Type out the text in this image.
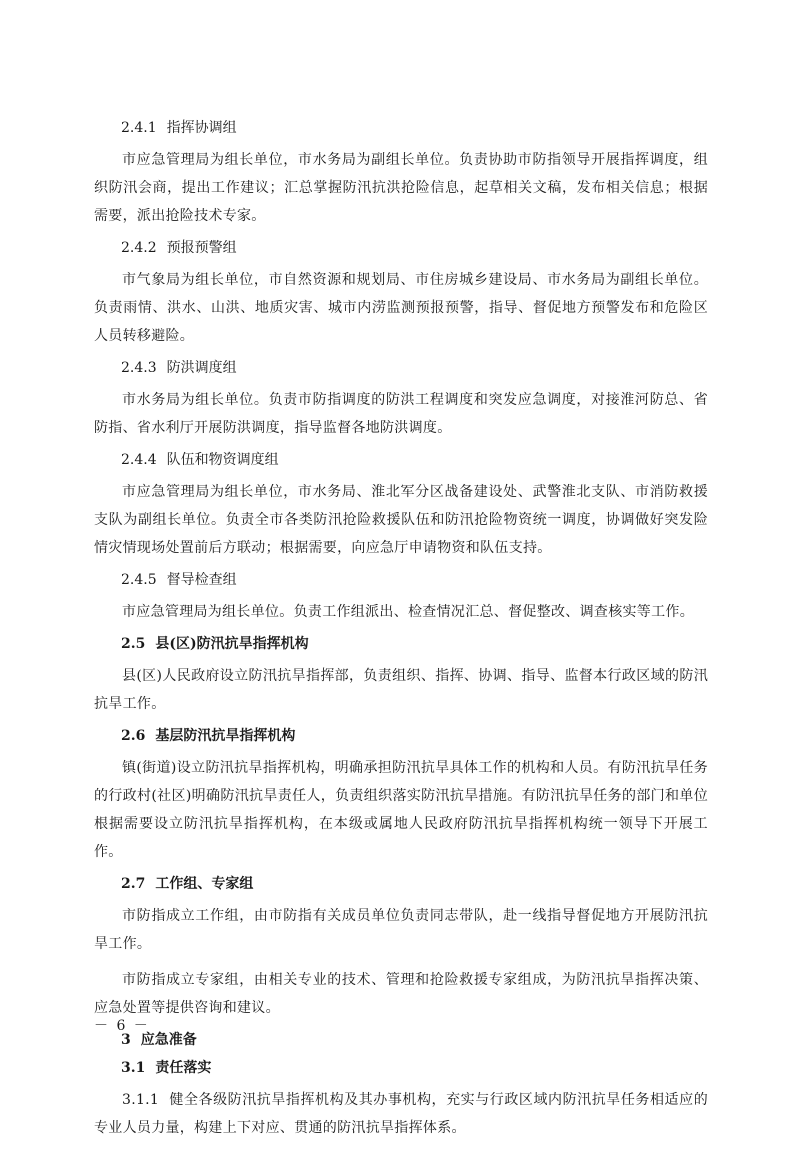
2.4.1 指挥协调组

市应急管理局为组长单位，市水务局为副组长单位。负责协助市防指领导开展指挥调度，组织防汛会商，提出工作建议；汇总掌握防汛抗洪抢险信息，起草相关文稿，发布相关信息；根据需要，派出抢险技术专家。

2.4.2 预报预警组

市气象局为组长单位，市自然资源和规划局、市住房城乡建设局、市水务局为副组长单位。负责雨情、洪水、山洪、地质灾害、城市内涝监测预报预警，指导、督促地方预警发布和危险区人员转移避险。

2.4.3 防洪调度组

市水务局为组长单位。负责市防指调度的防洪工程调度和突发应急调度，对接淮河防总、省防指、省水利厅开展防洪调度，指导监督各地防洪调度。

2.4.4 队伍和物资调度组

市应急管理局为组长单位，市水务局、淮北军分区战备建设处、武警淮北支队、市消防救援支队为副组长单位。负责全市各类防汛抢险救援队伍和防汛抢险物资统一调度，协调做好突发险情灾情现场处置前后方联动；根据需要，向应急厅申请物资和队伍支持。

2.4.5 督导检查组

市应急管理局为组长单位。负责工作组派出、检查情况汇总、督促整改、调查核实等工作。

2.5 县(区)防汛抗旱指挥机构

县(区)人民政府设立防汛抗旱指挥部，负责组织、指挥、协调、指导、监督本行政区域的防汛抗旱工作。

2.6 基层防汛抗旱指挥机构

镇(街道)设立防汛抗旱指挥机构，明确承担防汛抗旱具体工作的机构和人员。有防汛抗旱任务的行政村(社区)明确防汛抗旱责任人，负责组织落实防汛抗旱措施。有防汛抗旱任务的部门和单位根据需要设立防汛抗旱指挥机构，在本级或属地人民政府防汛抗旱指挥机构统一领导下开展工作。

2.7 工作组、专家组

市防指成立工作组，由市防指有关成员单位负责同志带队，赴一线指导督促地方开展防汛抗旱工作。

市防指成立专家组，由相关专业的技术、管理和抢险救援专家组成，为防汛抗旱指挥决策、应急处置等提供咨询和建议。

3 应急准备
3.1 责任落实

3.1.1 健全各级防汛抗旱指挥机构及其办事机构，充实与行政区域内防汛抗旱任务相适应的专业人员力量，构建上下对应、贯通的防汛抗旱指挥体系。

－ 6 －
